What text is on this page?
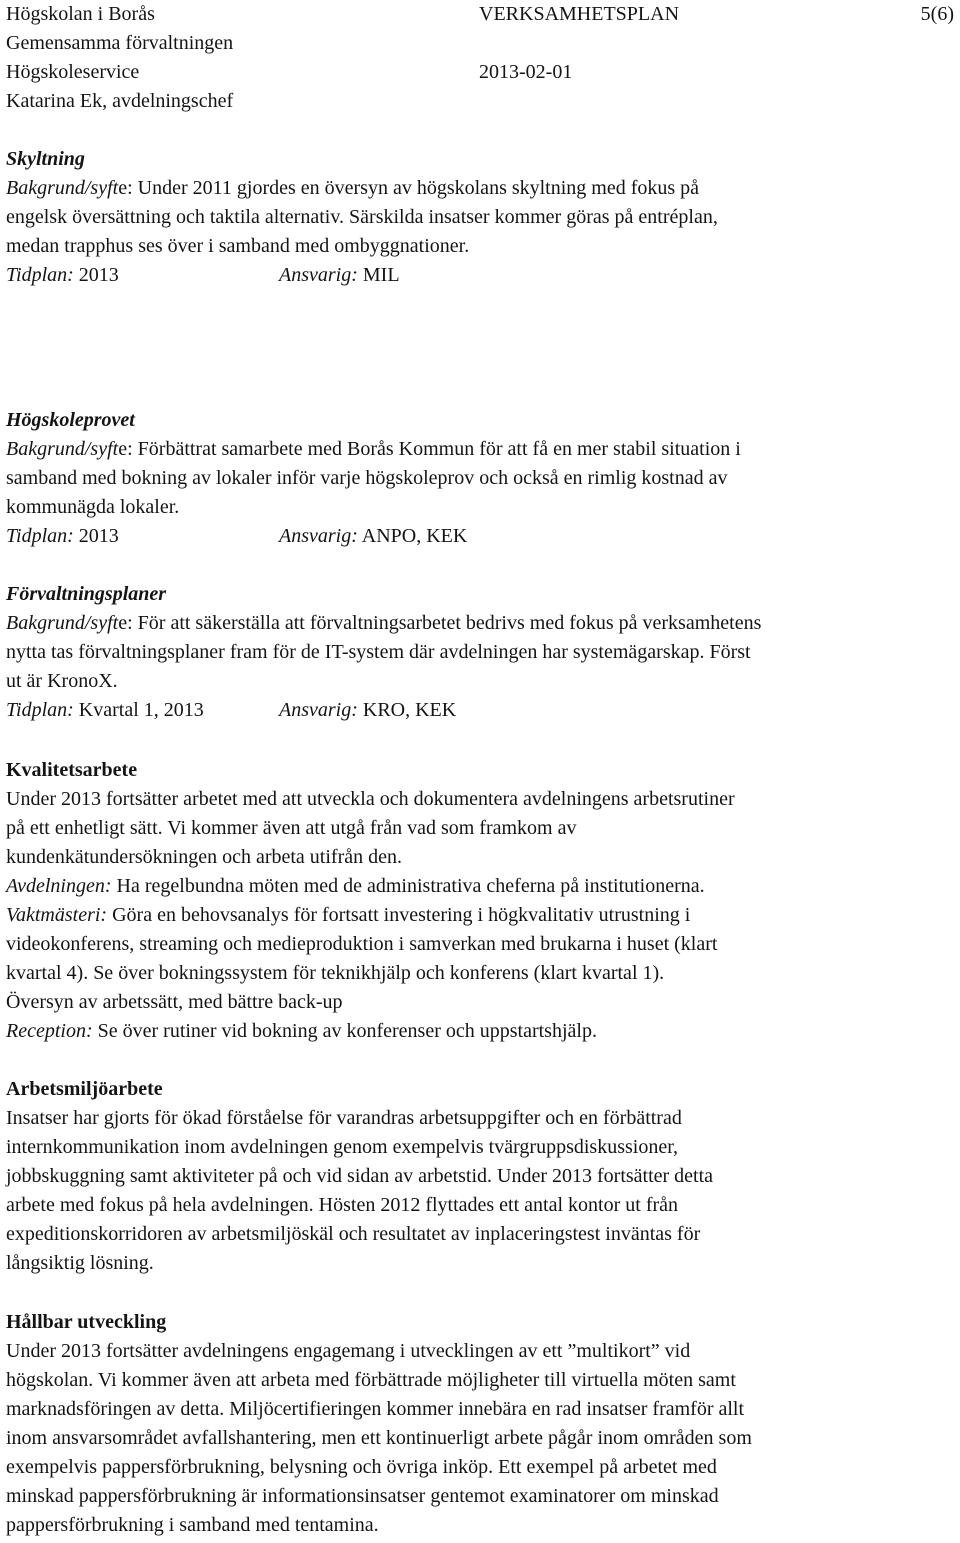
Högskolan i Borås	VERKSAMHETSPLAN	5(6)
Gemensamma förvaltningen
Högskoleservice	2013-02-01
Katarina Ek, avdelningschef
Skyltning
Bakgrund/syfte: Under 2011 gjordes en översyn av högskolans skyltning med fokus på
engelsk översättning och taktila alternativ. Särskilda insatser kommer göras på entréplan,
medan trapphus ses över i samband med ombyggnationer.
Tidplan: 2013	Ansvarig: MIL
Högskoleprovet
Bakgrund/syfte: Förbättrat samarbete med Borås Kommun för att få en mer stabil situation i
samband med bokning av lokaler inför varje högskoleprov och också en rimlig kostnad av
kommunägda lokaler.
Tidplan: 2013	Ansvarig: ANPO, KEK
Förvaltningsplaner
Bakgrund/syfte: För att säkerställa att förvaltningsarbetet bedrivs med fokus på verksamhetens
nytta tas förvaltningsplaner fram för de IT-system där avdelningen har systemägarskap. Först
ut är KronoX.
Tidplan: Kvartal 1, 2013	Ansvarig: KRO, KEK
Kvalitetsarbete
Under 2013 fortsätter arbetet med att utveckla och dokumentera avdelningens arbetsrutiner
på ett enhetligt sätt. Vi kommer även att utgå från vad som framkom av
kundenkätundersökningen och arbeta utifrån den.
Avdelningen: Ha regelbundna möten med de administrativa cheferna på institutionerna.
Vaktmästeri: Göra en behovsanalys för fortsatt investering i högkvalitativ utrustning i
videokonferens, streaming och medieproduktion i samverkan med brukarna i huset (klart
kvartal 4). Se över bokningssystem för teknikhjälp och konferens (klart kvartal 1).
Översyn av arbetssätt, med bättre back-up
Reception: Se över rutiner vid bokning av konferenser och uppstartshjälp.
Arbetsmiljöarbete
Insatser har gjorts för ökad förståelse för varandras arbetsuppgifter och en förbättrad
internkommunikation inom avdelningen genom exempelvis tvärgruppsdiskussioner,
jobbskuggning samt aktiviteter på och vid sidan av arbetstid. Under 2013 fortsätter detta
arbete med fokus på hela avdelningen. Hösten 2012 flyttades ett antal kontor ut från
expeditionskorridoren av arbetsmiljöskäl och resultatet av inplaceringstest inväntas för
långsiktig lösning.
Hållbar utveckling
Under 2013 fortsätter avdelningens engagemang i utvecklingen av ett ”multikort” vid
högskolan. Vi kommer även att arbeta med förbättrade möjligheter till virtuella möten samt
marknadsföringen av detta. Miljöcertifieringen kommer innebära en rad insatser framför allt
inom ansvarsområdet avfallshantering, men ett kontinuerligt arbete pågår inom områden som
exempelvis pappersförbrukning, belysning och övriga inköp. Ett exempel på arbetet med
minskad pappersförbrukning är informationsinsatser gentemot examinatorer om minskad
pappersförbrukning i samband med tentamina.
